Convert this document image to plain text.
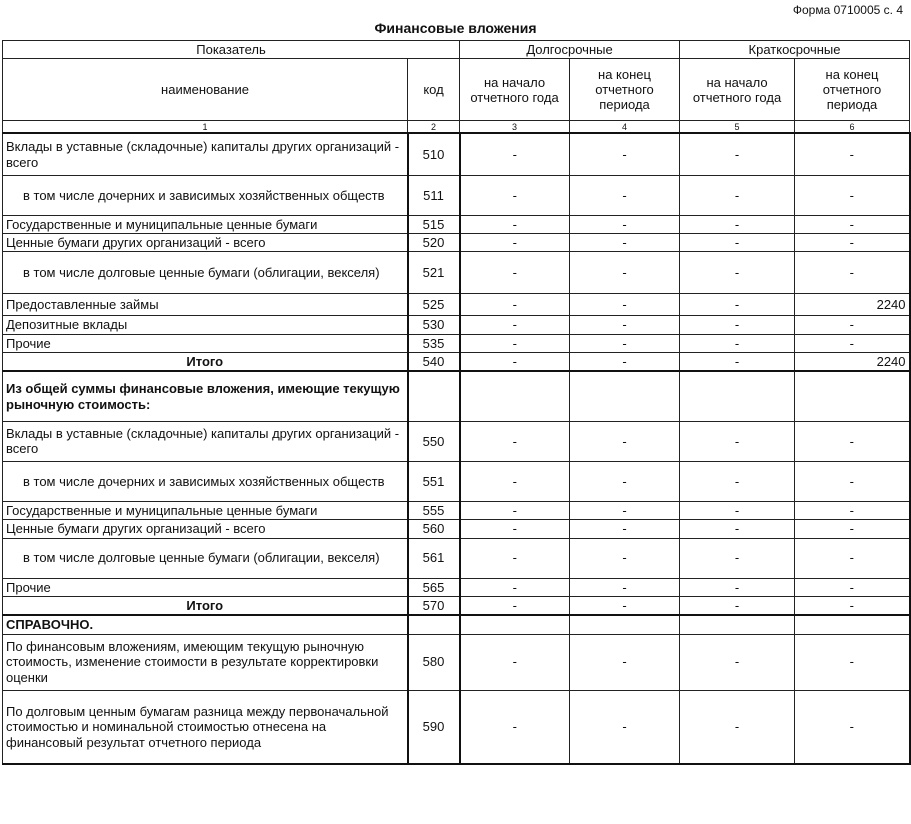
Форма 0710005 с. 4
Финансовые вложения
Показатель		Долгосрочные		Краткосрочные	
наименование	код	на начало отчетного года	на конец отчетного периода	на начало отчетного года	на конец отчетного периода
1	2	3	4	5	6
Вклады в уставные (складочные) капиталы других организаций - всего	510	-	-	-	-
в том числе дочерних и зависимых хозяйственных обществ	511	-	-	-	-
Государственные и муниципальные ценные бумаги	515	-	-	-	-
Ценные бумаги других организаций - всего	520	-	-	-	-
в том числе долговые ценные бумаги (облигации, векселя)	521	-	-	-	-
Предоставленные займы	525	-	-	-	2240
Депозитные вклады	530	-	-	-	-
Прочие	535	-	-	-	-
Итого	540	-	-	-	2240
Из общей суммы финансовые вложения, имеющие текущую рыночную стоимость:					
Вклады в уставные (складочные) капиталы других организаций - всего	550	-	-	-	-
в том числе дочерних и зависимых хозяйственных обществ	551	-	-	-	-
Государственные и муниципальные ценные бумаги	555	-	-	-	-
Ценные бумаги других организаций - всего	560	-	-	-	-
в том числе долговые ценные бумаги (облигации, векселя)	561	-	-	-	-
Прочие	565	-	-	-	-
Итого	570	-	-	-	-
СПРАВОЧНО.					
По финансовым вложениям, имеющим текущую рыночную стоимость, изменение стоимости в результате корректировки оценки	580	-	-	-	-
По долговым ценным бумагам разница между первоначальной стоимостью и номинальной стоимостью отнесена на финансовый результат отчетного периода	590	-	-	-	-
